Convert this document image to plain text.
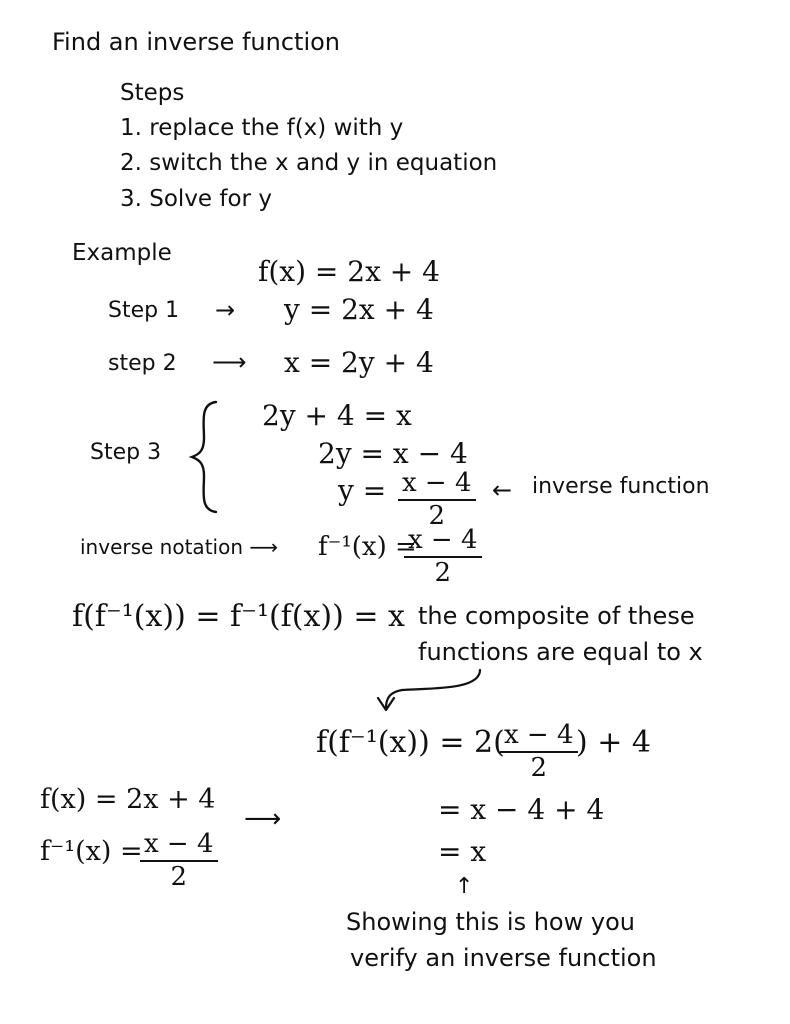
Find an inverse function
Steps
1. replace the f(x) with y
2. switch the x and y in equation
3. Solve for y
Example
f(x) = 2x + 4
Step 1 → y = 2x + 4
step 2 ⟶ x = 2y + 4
Step 3
2y + 4 = x
2y = x − 4
$y = \frac{x - 4}{2}$ ← inverse function
inverse notation ⟶ f⁻¹(x) =
$\frac{x - 4}{2}$
f(f⁻¹(x)) = f⁻¹(f(x)) = x the composite of these
functions are equal to x
f(f⁻¹(x)) = 2(
$\frac{x - 4}{2}$
) + 4
= x − 4 + 4
= x
f(x) = 2x + 4
f⁻¹(x) =
$\frac{x - 4}{2}$
⟶
↑
Showing this is how you
verify an inverse function
